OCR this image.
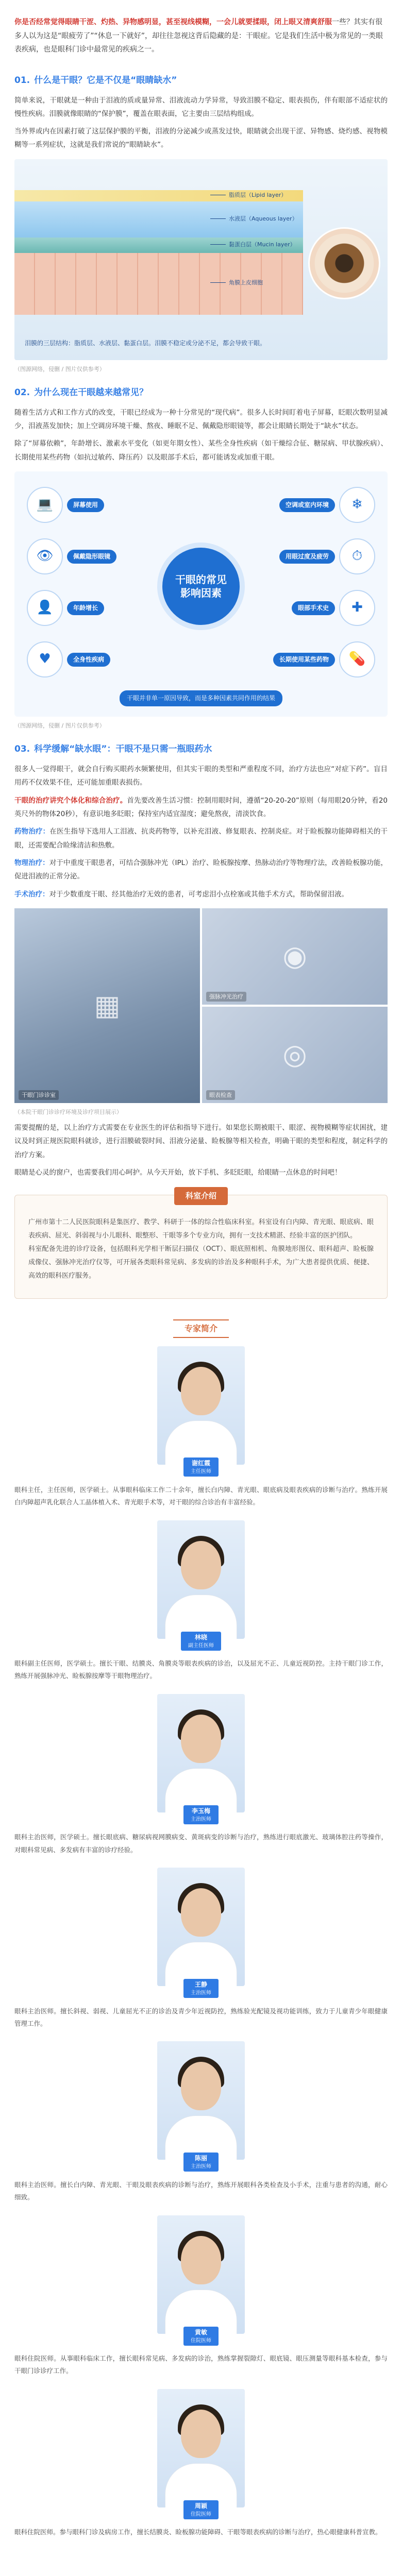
你是否经常觉得眼睛干涩、灼热、异物感明显，甚至视线模糊，一会儿就要揉眼，闭上眼又清爽舒服一些？其实有很多人以为这是“眼疲劳了”“休息一下就好”，却往往忽视这背后隐藏的是：干眼症。它是我们生活中极为常见的一类眼表疾病，也是眼科门诊中最常见的疾病之一。
01. 什么是干眼？它是不仅是“眼睛缺水”

简单来说，干眼就是一种由于泪液的质或量异常、泪液流动力学异常，导致泪膜不稳定、眼表损伤，伴有眼部不适症状的慢性疾病。泪膜就像眼睛的“保护膜”，覆盖在眼表面，它主要由三层结构组成。

当外界或内在因素打破了这层保护膜的平衡，泪液的分泌减少或蒸发过快，眼睛就会出现干涩、异物感、烧灼感、视物模糊等一系列症状，这就是我们常说的“眼睛缺水”。

脂质层（Lipid layer）
水液层（Aqueous layer）
黏蛋白层（Mucin layer）
角膜上皮细胞
泪膜的三层结构：脂质层、水液层、黏蛋白层。泪膜不稳定或分泌不足，都会导致干眼。

（图源网络，侵删 / 图片仅供参考）

02. 为什么现在干眼越来越常见？

随着生活方式和工作方式的改变，干眼已经成为一种十分常见的“现代病”。很多人长时间盯着电子屏幕，眨眼次数明显减少，泪液蒸发加快；加上空调房环境干燥、熬夜、睡眠不足、佩戴隐形眼镜等，都会让眼睛长期处于“缺水”状态。

除了“屏幕依赖”，年龄增长、激素水平变化（如更年期女性）、某些全身性疾病（如干燥综合征、糖尿病、甲状腺疾病）、长期使用某些药物（如抗过敏药、降压药）以及眼部手术后，都可能诱发或加重干眼。

干眼的常见
影响因素
💻	屏幕使用	❄
空调或室内环境
👁	佩戴隐形眼镜	⏱
用眼过度及疲劳
👤	年龄增长	✚
眼部手术史
♥	全身性疾病	💊
长期使用某些药物
干眼并非单一原因导致，而是多种因素共同作用的结果

（图源网络，侵删 / 图片仅供参考）

03. 科学缓解“缺水眼”：干眼不是只需一瓶眼药水

很多人一觉得眼干，就会自行购买眼药水频繁使用，但其实干眼的类型和严重程度不同，治疗方法也应“对症下药”。盲目用药不仅效果不佳，还可能加重眼表损伤。

干眼的治疗讲究个体化和综合治疗。首先要改善生活习惯：控制用眼时间，遵循“20-20-20”原则（每用眼20分钟，看20英尺外的物体20秒），有意识地多眨眼；保持室内适宜湿度；避免熬夜，清淡饮食。

药物治疗：在医生指导下选用人工泪液、抗炎药物等，以补充泪液、修复眼表、控制炎症。对于睑板腺功能障碍相关的干眼，还需要配合睑缘清洁和热敷。

物理治疗：对于中重度干眼患者，可结合强脉冲光（IPL）治疗、睑板腺按摩、热脉动治疗等物理疗法，改善睑板腺功能，促进泪液的正常分泌。

手术治疗：对于少数重度干眼、经其他治疗无效的患者，可考虑泪小点栓塞或其他手术方式，帮助保留泪液。

▦
干眼门诊诊室
◉
强脉冲光治疗
◎
眼表检查

（本院干眼门诊诊疗环境及诊疗项目展示）

需要提醒的是，以上治疗方式需要在专业医生的评估和指导下进行。如果您长期被眼干、眼涩、视物模糊等症状困扰，建议及时到正规医院眼科就诊，进行泪膜破裂时间、泪液分泌量、睑板腺等相关检查，明确干眼的类型和程度，制定科学的治疗方案。

眼睛是心灵的窗户，也需要我们用心呵护。从今天开始，放下手机、多眨眨眼，给眼睛一点休息的时间吧！

科室介绍

广州市第十二人民医院眼科是集医疗、教学、科研于一体的综合性临床科室。科室设有白内障、青光眼、眼底病、眼表疾病、屈光、斜弱视与小儿眼科、眼整形、干眼等多个专业方向，拥有一支技术精湛、经验丰富的医护团队。

科室配备先进的诊疗设备，包括眼科光学相干断层扫描仪（OCT）、眼底照相机、角膜地形图仪、眼科超声、睑板腺成像仪、强脉冲光治疗仪等，可开展各类眼科常见病、多发病的诊治及多种眼科手术，为广大患者提供优质、便捷、高效的眼科医疗服务。

专家简介
谢红霞
主任医师

眼科主任，主任医师，医学硕士。从事眼科临床工作二十余年，擅长白内障、青光眼、眼底病及眼表疾病的诊断与治疗。熟练开展白内障超声乳化联合人工晶体植入术、青光眼手术等，对干眼的综合诊治有丰富经验。

林晓
副主任医师

眼科副主任医师，医学硕士。擅长干眼、结膜炎、角膜炎等眼表疾病的诊治，以及屈光不正、儿童近视防控。主持干眼门诊工作，熟练开展强脉冲光、睑板腺按摩等干眼物理治疗。

李玉梅
主治医师

眼科主治医师，医学硕士。擅长眼底病、糖尿病视网膜病变、黄斑病变的诊断与治疗，熟练进行眼底激光、玻璃体腔注药等操作，对眼科常见病、多发病有丰富的诊疗经验。

王静
主治医师

眼科主治医师。擅长斜视、弱视、儿童屈光不正的诊治及青少年近视防控，熟练验光配镜及视功能训练，致力于儿童青少年眼健康管理工作。

陈丽
主治医师

眼科主治医师。擅长白内障、青光眼、干眼及眼表疾病的诊断与治疗，熟练开展眼科各类检查及小手术，注重与患者的沟通，耐心细致。

黄敏
住院医师

眼科住院医师。从事眼科临床工作，擅长眼科常见病、多发病的诊治，熟练掌握裂隙灯、眼底镜、眼压测量等眼科基本检查，参与干眼门诊诊疗工作。

周颖
住院医师

眼科住院医师。参与眼科门诊及病房工作，擅长结膜炎、睑板腺功能障碍、干眼等眼表疾病的诊断与治疗，热心眼健康科普宣教。
